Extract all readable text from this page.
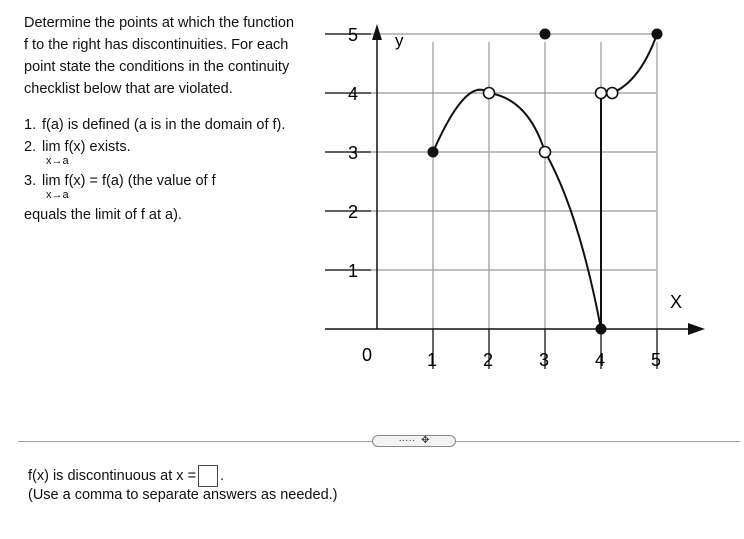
Determine the points at which the function f to the right has discontinuities. For each point state the conditions in the continuity checklist below that are violated.

1. f(a) is defined (a is in the domain of f).
2. lim f(x) exists.
x→a
3. lim f(x) = f(a) (the value of f
x→a
equals the limit of f at a).
1	2	3	4	5
1
2
3
4
5 y
X
0
····· ✥
f(x) is discontinuous at x = .
(Use a comma to separate answers as needed.)
